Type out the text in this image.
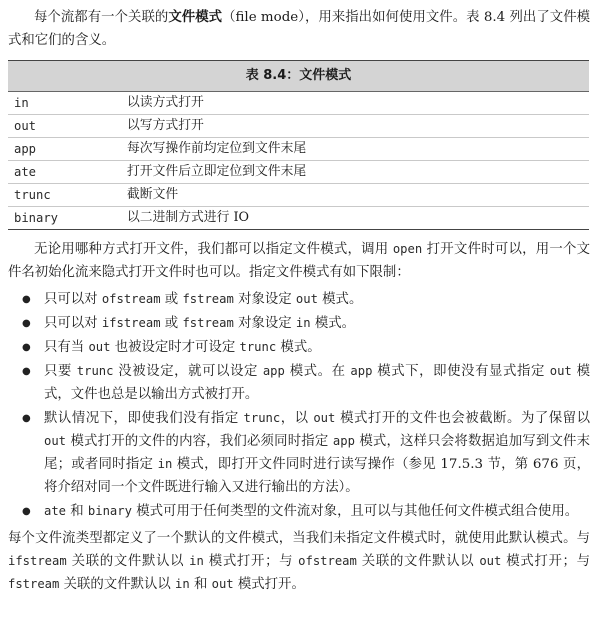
每个流都有一个关联的文件模式（file mode），用来指出如何使用文件。表 8.4 列出了文件模式和它们的含义。

表 8.4：文件模式
in	以读方式打开
out	以写方式打开
app	每次写操作前均定位到文件末尾
ate	打开文件后立即定位到文件末尾
trunc	截断文件
binary	以二进制方式进行 IO

无论用哪种方式打开文件，我们都可以指定文件模式，调用 open 打开文件时可以，用一个文件名初始化流来隐式打开文件时也可以。指定文件模式有如下限制：

● 只可以对 ofstream 或 fstream 对象设定 out 模式。
● 只可以对 ifstream 或 fstream 对象设定 in 模式。
● 只有当 out 也被设定时才可设定 trunc 模式。
● 只要 trunc 没被设定，就可以设定 app 模式。在 app 模式下，即使没有显式指定 out 模式，文件也总是以输出方式被打开。
● 默认情况下，即使我们没有指定 trunc，以 out 模式打开的文件也会被截断。为了保留以 out 模式打开的文件的内容，我们必须同时指定 app 模式，这样只会将数据追加写到文件末尾；或者同时指定 in 模式，即打开文件同时进行读写操作（参见 17.5.3 节，第 676 页，将介绍对同一个文件既进行输入又进行输出的方法）。
● ate 和 binary 模式可用于任何类型的文件流对象，且可以与其他任何文件模式组合使用。

每个文件流类型都定义了一个默认的文件模式，当我们未指定文件模式时，就使用此默认模式。与 ifstream 关联的文件默认以 in 模式打开；与 ofstream 关联的文件默认以 out 模式打开；与 fstream 关联的文件默认以 in 和 out 模式打开。
